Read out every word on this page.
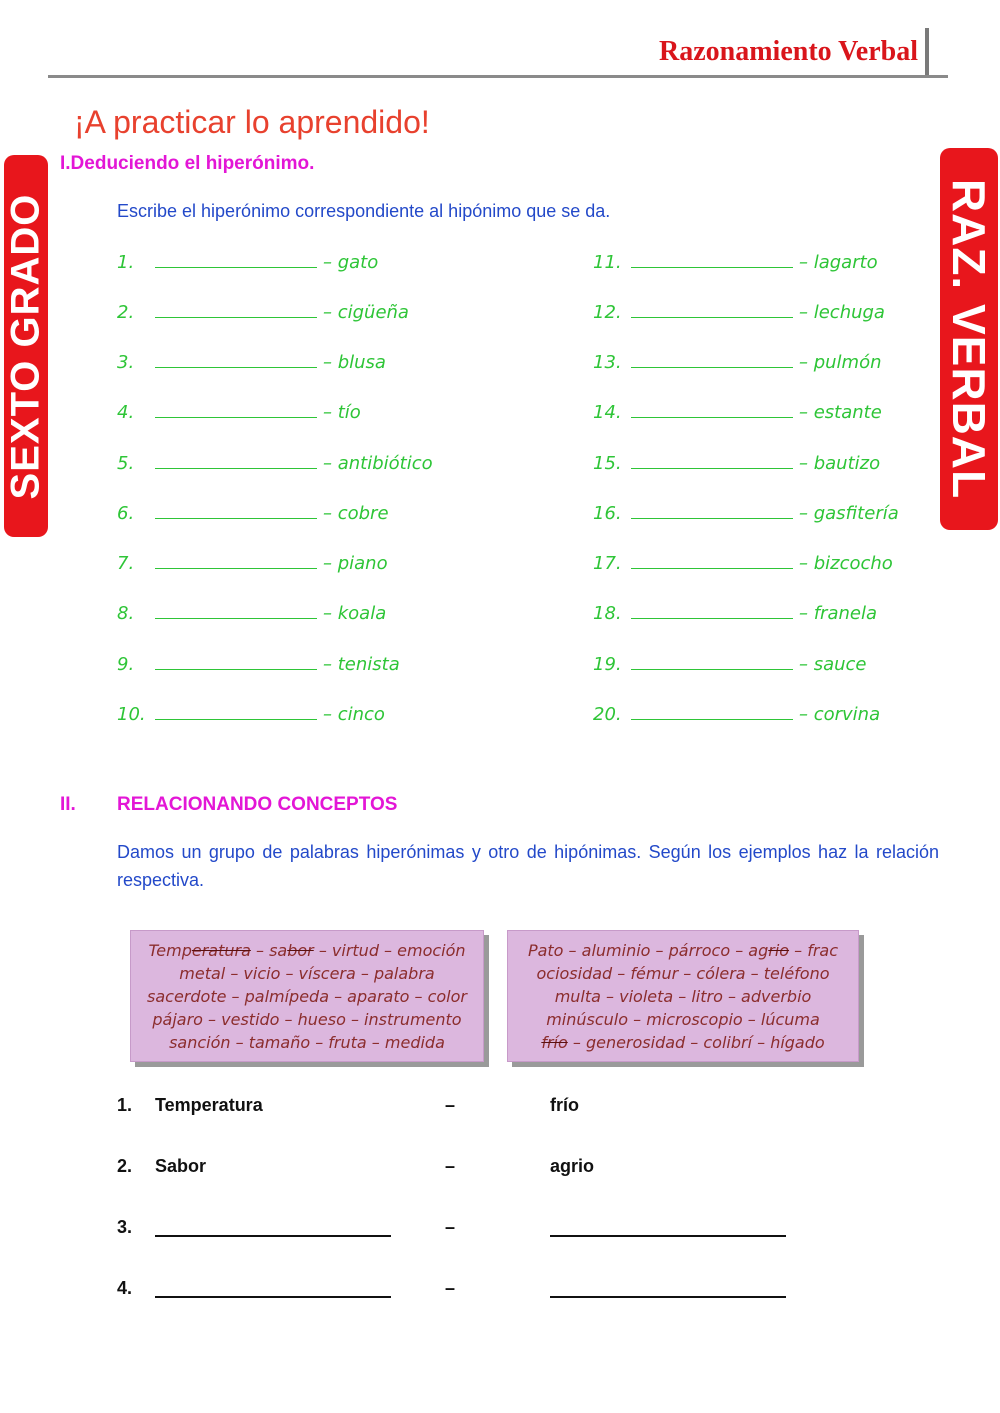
Razonamiento Verbal
SEXTO GRADO	RAZ. VERBAL
¡A practicar lo aprendido!
I.Deduciendo el hiperónimo.
Escribe el hiperónimo correspondiente al hipónimo que se da.
1.	– gato
2.	– cigüeña
3.	– blusa
4.	– tío
5.	– antibiótico
6.	– cobre
7.	– piano
8.	– koala
9.	– tenista
10.	– cinco
11.	– lagarto
12.	– lechuga
13.	– pulmón
14.	– estante
15.	– bautizo
16.	– gasfitería
17.	– bizcocho
18.	– franela
19.	– sauce
20.	– corvina
II. RELACIONANDO CONCEPTOS
Damos un grupo de palabras hiperónimas y otro de hipónimas. Según los ejemplos haz la relación respectiva.
Temperatura – sabor – virtud – emoción
metal – vicio – víscera – palabra
sacerdote – palmípeda – aparato – color
pájaro – vestido – hueso – instrumento
sanción – tamaño – fruta – medida
Pato – aluminio – párroco – agrio – frac
ociosidad – fémur – cólera – teléfono
multa – violeta – litro – adverbio
minúsculo – microscopio – lúcuma
frío – generosidad – colibrí – hígado
1. Temperatura	–	frío
2. Sabor	–	agrio
3.	–
4.	–
